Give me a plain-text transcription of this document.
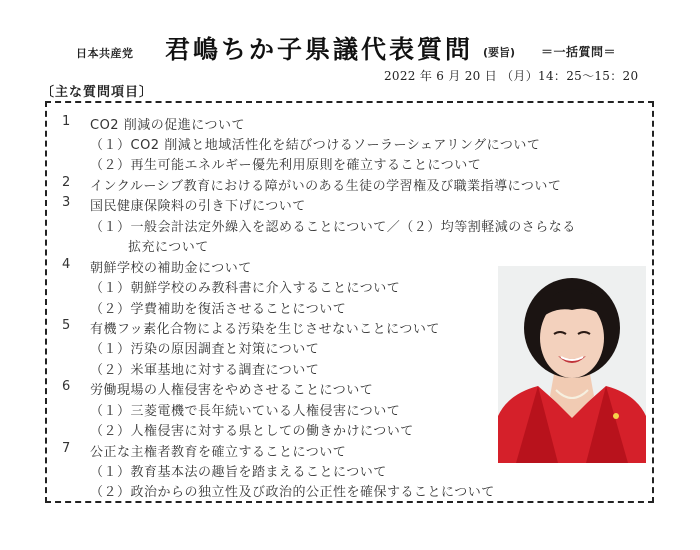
日本共産党 君嶋ちか子県議代表質問 (要旨) ＝一括質問＝
2022 年 6 月 20 日 （月）14：25〜15：20
〔主な質問項目〕
1 CO2 削減の促進について
（１）CO2 削減と地域活性化を結びつけるソーラーシェアリングについて
（２）再生可能エネルギー優先利用原則を確立することについて
2 インクルーシブ教育における障がいのある生徒の学習権及び職業指導について
3 国民健康保険料の引き下げについて
（１）一般会計法定外繰入を認めることについて／（２）均等割軽減のさらなる
拡充について
4 朝鮮学校の補助金について
（１）朝鮮学校のみ教科書に介入することについて
（２）学費補助を復活させることについて
5 有機フッ素化合物による汚染を生じさせないことについて
（１）汚染の原因調査と対策について
（２）米軍基地に対する調査について
6 労働現場の人権侵害をやめさせることについて
（１）三菱電機で長年続いている人権侵害について
（２）人権侵害に対する県としての働きかけについて
7 公正な主権者教育を確立することについて
（１）教育基本法の趣旨を踏まえることについて
（２）政治からの独立性及び政治的公正性を確保することについて
